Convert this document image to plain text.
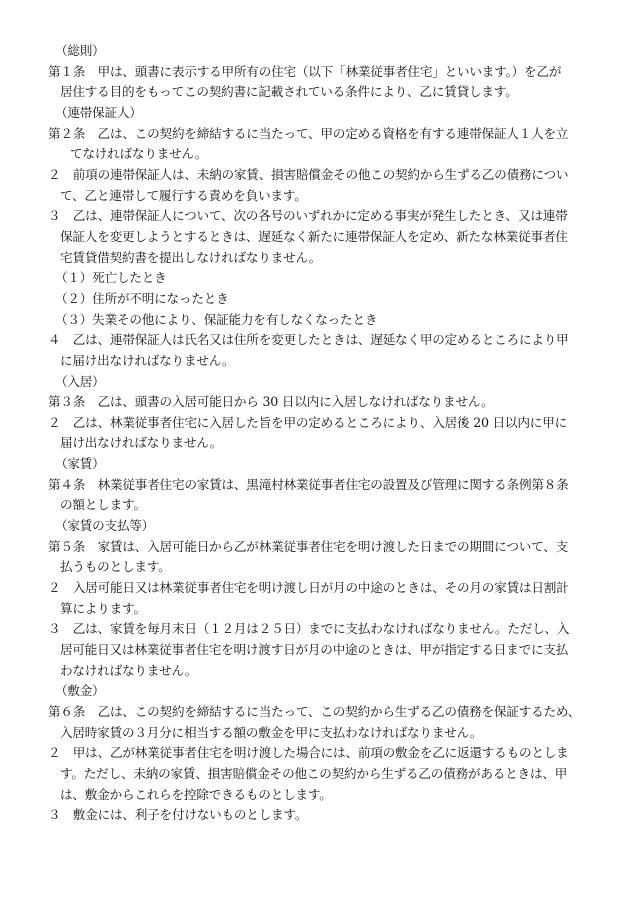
（総則）
第１条　甲は、頭書に表示する甲所有の住宅（以下「林業従事者住宅」といいます。）を乙が
居住する目的をもってこの契約書に記載されている条件により、乙に賃貸します。
（連帯保証人）
第２条　乙は、この契約を締結するに当たって、甲の定める資格を有する連帯保証人１人を立
てなければなりません。
２　前項の連帯保証人は、未納の家賃、損害賠償金その他この契約から生ずる乙の債務につい
て、乙と連帯して履行する責めを負います。
３　乙は、連帯保証人について、次の各号のいずれかに定める事実が発生したとき、又は連帯
保証人を変更しようとするときは、遅延なく新たに連帯保証人を定め、新たな林業従事者住
宅賃貸借契約書を提出しなければなりません。
（１）死亡したとき
（２）住所が不明になったとき
（３）失業その他により、保証能力を有しなくなったとき
４　乙は、連帯保証人は氏名又は住所を変更したときは、遅延なく甲の定めるところにより甲
に届け出なければなりません。
（入居）
第３条　乙は、頭書の入居可能日から 30 日以内に入居しなければなりません。
２　乙は、林業従事者住宅に入居した旨を甲の定めるところにより、入居後 20 日以内に甲に
届け出なければなりません。
（家賃）
第４条　林業従事者住宅の家賃は、黒滝村林業従事者住宅の設置及び管理に関する条例第８条
の額とします。
（家賃の支払等）
第５条　家賃は、入居可能日から乙が林業従事者住宅を明け渡した日までの期間について、支
払うものとします。
２　入居可能日又は林業従事者住宅を明け渡し日が月の中途のときは、その月の家賃は日割計
算によります。
３　乙は、家賃を毎月末日（１２月は２５日）までに支払わなければなりません。ただし、入
居可能日又は林業従事者住宅を明け渡す日が月の中途のときは、甲が指定する日までに支払
わなければなりません。
（敷金）
第６条　乙は、この契約を締結するに当たって、この契約から生ずる乙の債務を保証するため、
入居時家賃の３月分に相当する額の敷金を甲に支払わなければなりません。
２　甲は、乙が林業従事者住宅を明け渡した場合には、前項の敷金を乙に返還するものとしま
す。ただし、未納の家賃、損害賠償金その他この契約から生ずる乙の債務があるときは、甲
は、敷金からこれらを控除できるものとします。
３　敷金には、利子を付けないものとします。
